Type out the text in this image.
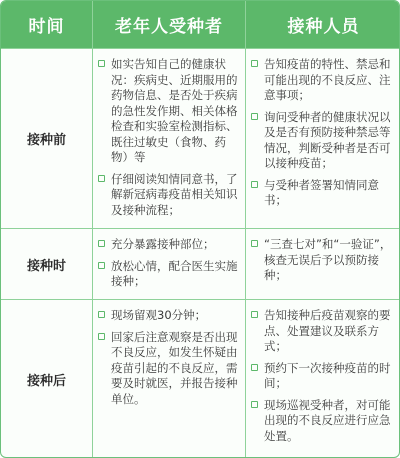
时间	老年人受种者	接种人员
接种前
如实告知自己的健康状况：疾病史、近期服用的药物信息、是否处于疾病的急性发作期、相关体格检查和实验室检测指标、既往过敏史（食物、药物）等
仔细阅读知情同意书，了解新冠病毒疫苗相关知识及接种流程；
告知疫苗的特性、禁忌和可能出现的不良反应、注意事项；
询问受种者的健康状况以及是否有预防接种禁忌等情况，判断受种者是否可以接种疫苗；
与受种者签署知情同意书；
接种时
充分暴露接种部位；
放松心情，配合医生实施接种；
“三查七对”和“一验证”，核查无误后予以预防接种；
接种后
现场留观30分钟；
回家后注意观察是否出现不良反应，如发生怀疑由疫苗引起的不良反应，需要及时就医，并报告接种单位。
告知接种后疫苗观察的要点、处置建议及联系方式；
预约下一次接种疫苗的时间；
现场巡视受种者，对可能出现的不良反应进行应急处置。
